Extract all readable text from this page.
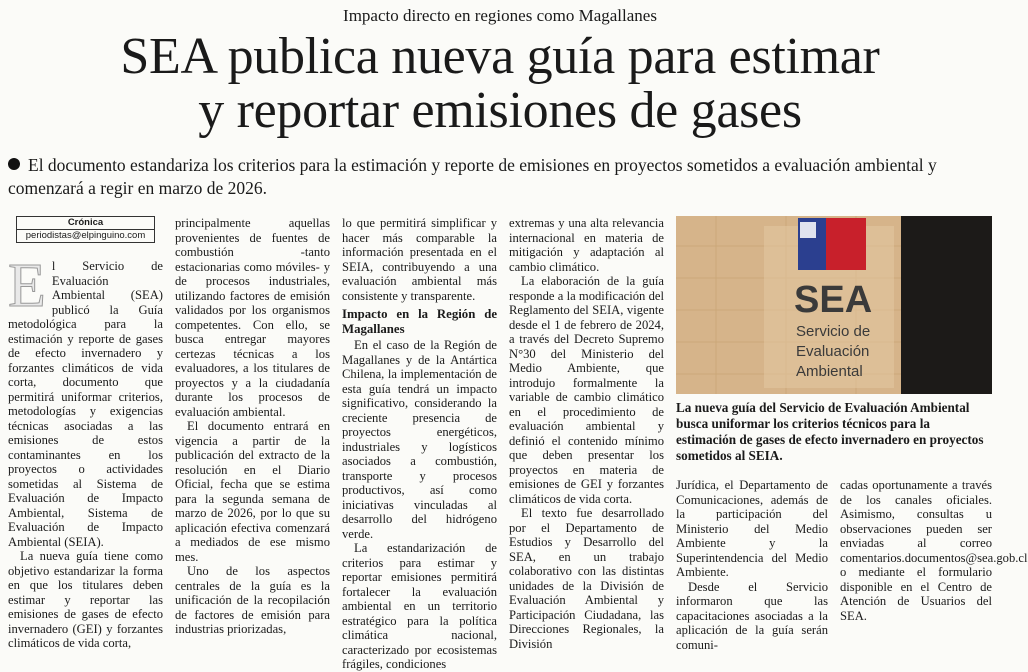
Impacto directo en regiones como Magallanes
SEA publica nueva guía para estimar
y reportar emisiones de gases
El documento estandariza los criterios para la estimación y reporte de emisiones en proyectos sometidos a evaluación ambiental y comenzará a regir en marzo de 2026.
Crónica
periodistas@elpinguino.com

El Servicio de Evaluación Ambiental (SEA) publicó la Guía metodológica para la estimación y reporte de gases de efecto invernadero y forzantes climáticos de vida corta, documento que permitirá uniformar criterios, metodologías y exigencias técnicas asociadas a las emisiones de estos contaminantes en los proyectos o actividades sometidas al Sistema de Evaluación de Impacto Ambiental, Sistema de Evaluación de Impacto Ambiental (SEIA).

La nueva guía tiene como objetivo estandarizar la forma en que los titulares deben estimar y reportar las emisiones de gases de efecto invernadero (GEI) y forzantes climáticos de vida corta,

principalmente aquellas provenientes de fuentes de combustión -tanto estacionarias como móviles- y de procesos industriales, utilizando factores de emisión validados por los organismos competentes. Con ello, se busca entregar mayores certezas técnicas a los evaluadores, a los titulares de proyectos y a la ciudadanía durante los procesos de evaluación ambiental.

El documento entrará en vigencia a partir de la publicación del extracto de la resolución en el Diario Oficial, fecha que se estima para la segunda semana de marzo de 2026, por lo que su aplicación efectiva comenzará a mediados de ese mismo mes.

Uno de los aspectos centrales de la guía es la unificación de la recopilación de factores de emisión para industrias priorizadas,

lo que permitirá simplificar y hacer más comparable la información presentada en el SEIA, contribuyendo a una evaluación ambiental más consistente y transparente.

Impacto en la Región de Magallanes

En el caso de la Región de Magallanes y de la Antártica Chilena, la implementación de esta guía tendrá un impacto significativo, considerando la creciente presencia de proyectos energéticos, industriales y logísticos asociados a combustión, transporte y procesos productivos, así como iniciativas vinculadas al desarrollo del hidrógeno verde.

La estandarización de criterios para estimar y reportar emisiones permitirá fortalecer la evaluación ambiental en un territorio estratégico para la política climática nacional, caracterizado por ecosistemas frágiles, condiciones

extremas y una alta relevancia internacional en materia de mitigación y adaptación al cambio climático.

La elaboración de la guía responde a la modificación del Reglamento del SEIA, vigente desde el 1 de febrero de 2024, a través del Decreto Supremo N°30 del Ministerio del Medio Ambiente, que introdujo formalmente la variable de cambio climático en el procedimiento de evaluación ambiental y definió el contenido mínimo que deben presentar los proyectos en materia de emisiones de GEI y forzantes climáticos de vida corta.

El texto fue desarrollado por el Departamento de Estudios y Desarrollo del SEA, en un trabajo colaborativo con las distintas unidades de la División de Evaluación Ambiental y Participación Ciudadana, las Direcciones Regionales, la División

SEA
Servicio de
Evaluación
Ambiental
La nueva guía del Servicio de Evaluación Ambiental busca uniformar los criterios técnicos para la estimación de gases de efecto invernadero en proyectos sometidos al SEIA.

Jurídica, el Departamento de Comunicaciones, además de la participación del Ministerio del Medio Ambiente y la Superintendencia del Medio Ambiente.

Desde el Servicio informaron que las capacitaciones asociadas a la aplicación de la guía serán comuni-

cadas oportunamente a través de los canales oficiales. Asimismo, consultas u observaciones pueden ser enviadas al correo comentarios.documentos@sea.gob.cl o mediante el formulario disponible en el Centro de Atención de Usuarios del SEA.
